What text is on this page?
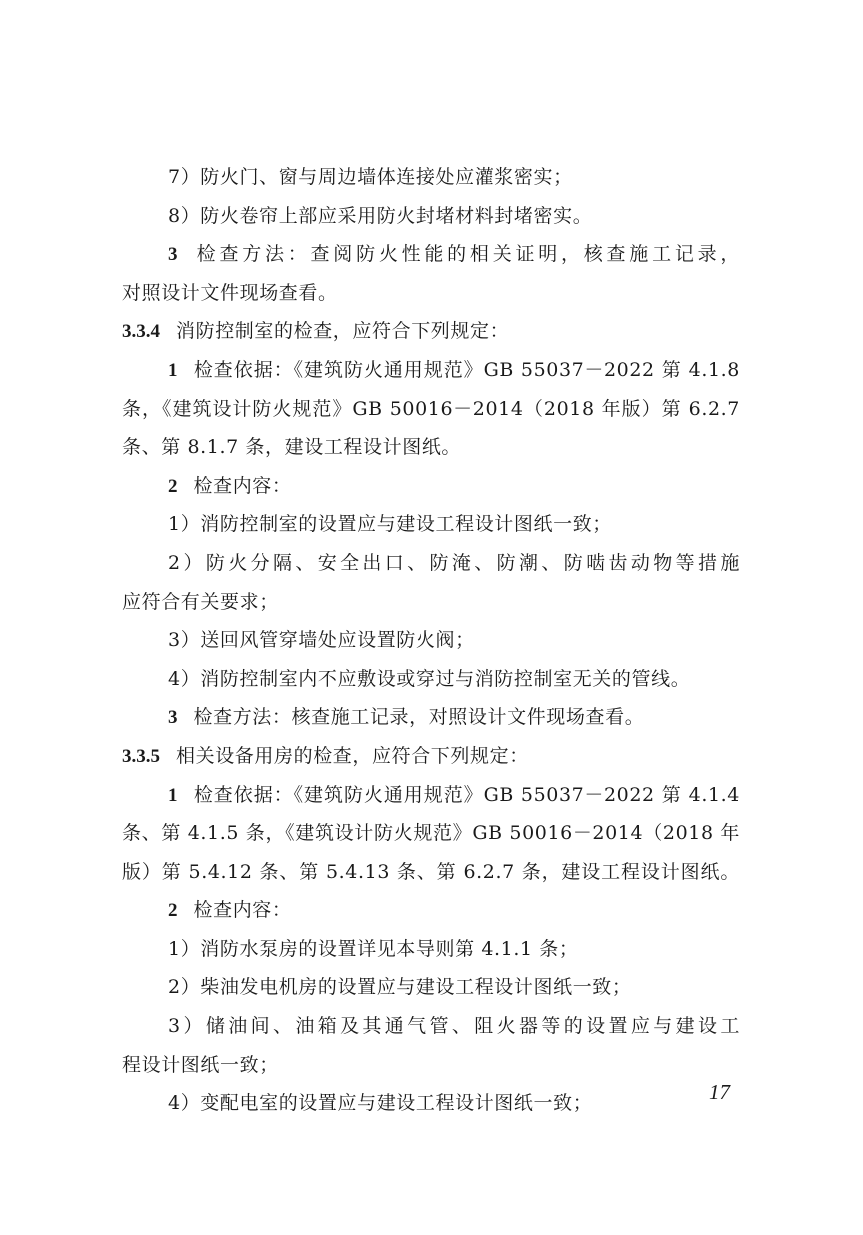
7）防火门、窗与周边墙体连接处应灌浆密实；
8）防火卷帘上部应采用防火封堵材料封堵密实。
3 检查方法：查阅防火性能的相关证明，核查施工记录，
对照设计文件现场查看。
3.3.4 消防控制室的检查，应符合下列规定：
1 检查依据：《建筑防火通用规范》GB 55037－2022 第 4.1.8
条，《建筑设计防火规范》GB 50016－2014（2018 年版）第 6.2.7
条、第 8.1.7 条，建设工程设计图纸。
2 检查内容：
1）消防控制室的设置应与建设工程设计图纸一致；
2）防火分隔、安全出口、防淹、防潮、防啮齿动物等措施
应符合有关要求；
3）送回风管穿墙处应设置防火阀；
4）消防控制室内不应敷设或穿过与消防控制室无关的管线。
3 检查方法：核查施工记录，对照设计文件现场查看。
3.3.5 相关设备用房的检查，应符合下列规定：
1 检查依据：《建筑防火通用规范》GB 55037－2022 第 4.1.4
条、第 4.1.5 条，《建筑设计防火规范》GB 50016－2014（2018 年
版）第 5.4.12 条、第 5.4.13 条、第 6.2.7 条，建设工程设计图纸。
2 检查内容：
1）消防水泵房的设置详见本导则第 4.1.1 条；
2）柴油发电机房的设置应与建设工程设计图纸一致；
3）储油间、油箱及其通气管、阻火器等的设置应与建设工
程设计图纸一致；
4）变配电室的设置应与建设工程设计图纸一致；	17
